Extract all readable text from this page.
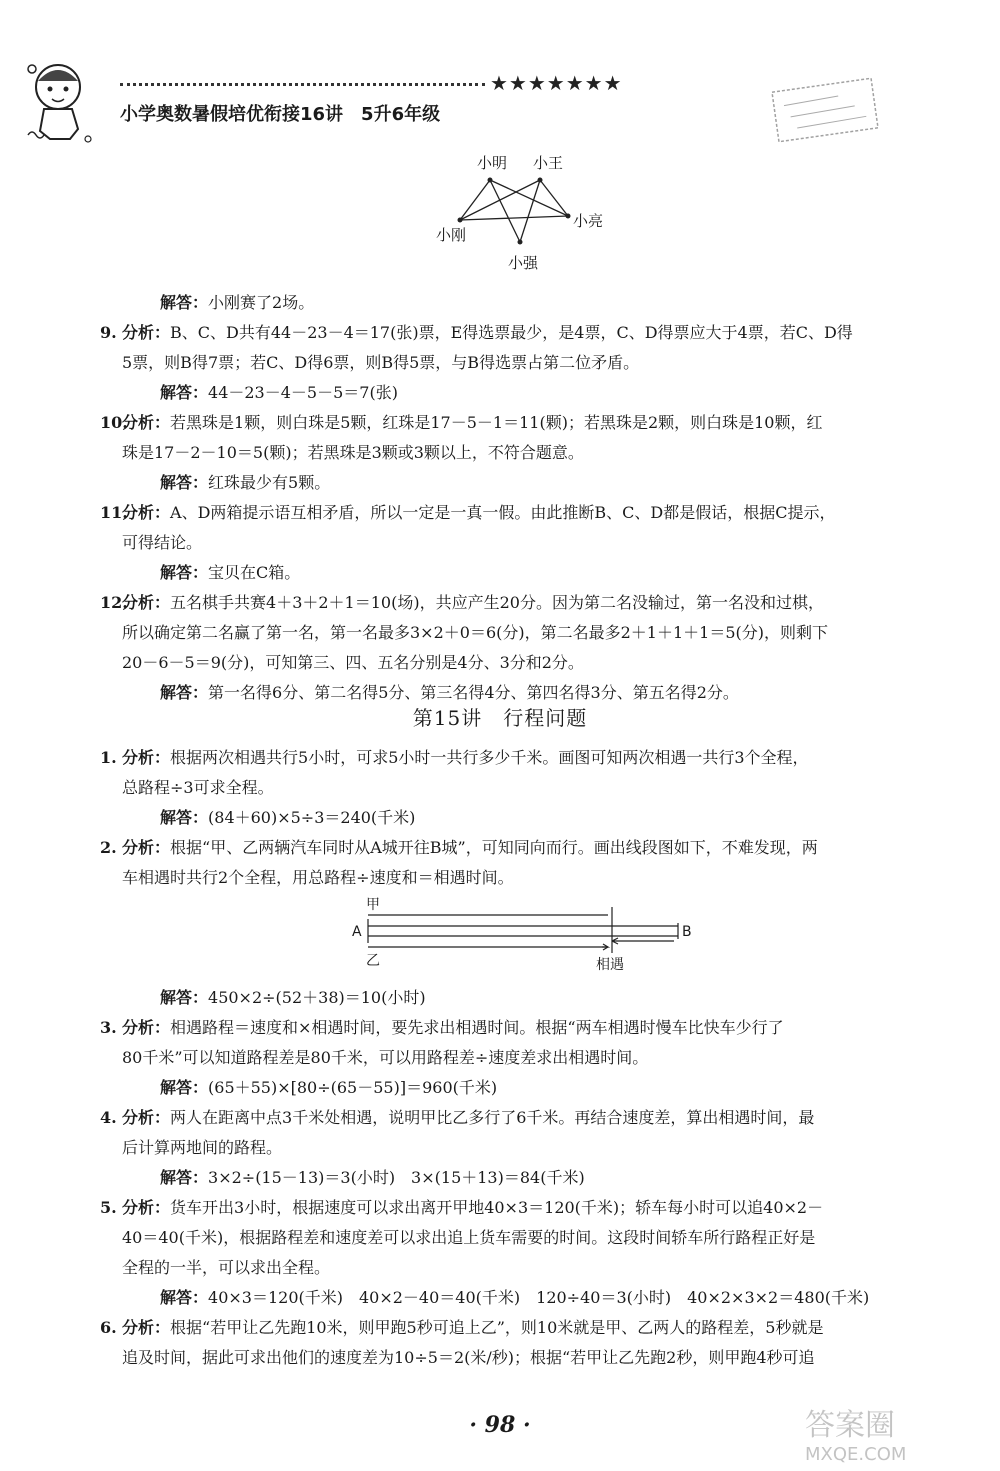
★★★★★★★
小学奥数暑假培优衔接16讲　5升6年级
小明 小王
小刚
小亮
小强
解答：小刚赛了2场。
9. 分析：B、C、D共有44－23－4＝17(张)票，E得选票最少，是4票，C、D得票应大于4票，若C、D得
5票，则B得7票；若C、D得6票，则B得5票，与B得选票占第二位矛盾。
解答：44－23－4－5－5＝7(张)
10.
分析：若黑珠是1颗，则白珠是5颗，红珠是17－5－1＝11(颗)；若黑珠是2颗，则白珠是10颗，红
珠是17－2－10＝5(颗)；若黑珠是3颗或3颗以上，不符合题意。
解答：红珠最少有5颗。
11.
分析：A、D两箱提示语互相矛盾，所以一定是一真一假。由此推断B、C、D都是假话，根据C提示，
可得结论。
解答：宝贝在C箱。
12.
分析：五名棋手共赛4＋3＋2＋1＝10(场)，共应产生20分。因为第二名没输过，第一名没和过棋，
所以确定第二名赢了第一名，第一名最多3×2＋0＝6(分)，第二名最多2＋1＋1＋1＝5(分)，则剩下
20－6－5＝9(分)，可知第三、四、五名分别是4分、3分和2分。
解答：第一名得6分、第二名得5分、第三名得4分、第四名得3分、第五名得2分。
第15讲　行程问题
1. 分析：根据两次相遇共行5小时，可求5小时一共行多少千米。画图可知两次相遇一共行3个全程，
总路程÷3可求全程。
解答：(84＋60)×5÷3＝240(千米)
2. 分析：根据“甲、乙两辆汽车同时从A城开往B城”，可知同向而行。画出线段图如下，不难发现，两
车相遇时共行2个全程，用总路程÷速度和＝相遇时间。
甲
A
乙
B
相遇
解答：450×2÷(52＋38)＝10(小时)
3. 分析：相遇路程＝速度和×相遇时间，要先求出相遇时间。根据“两车相遇时慢车比快车少行了
80千米”可以知道路程差是80千米，可以用路程差÷速度差求出相遇时间。
解答：(65＋55)×[80÷(65－55)]＝960(千米)
4. 分析：两人在距离中点3千米处相遇，说明甲比乙多行了6千米。再结合速度差，算出相遇时间，最
后计算两地间的路程。
解答：3×2÷(15－13)＝3(小时)　3×(15＋13)＝84(千米)
5. 分析：货车开出3小时，根据速度可以求出离开甲地40×3＝120(千米)；轿车每小时可以追40×2－
40＝40(千米)，根据路程差和速度差可以求出追上货车需要的时间。这段时间轿车所行路程正好是
全程的一半，可以求出全程。
解答：40×3＝120(千米)　40×2－40＝40(千米)　120÷40＝3(小时)　40×2×3×2＝480(千米)
6. 分析：根据“若甲让乙先跑10米，则甲跑5秒可追上乙”，则10米就是甲、乙两人的路程差，5秒就是
追及时间，据此可求出他们的速度差为10÷5＝2(米/秒)；根据“若甲让乙先跑2秒，则甲跑4秒可追
· 98 ·	答案圈
MXQE.COM
